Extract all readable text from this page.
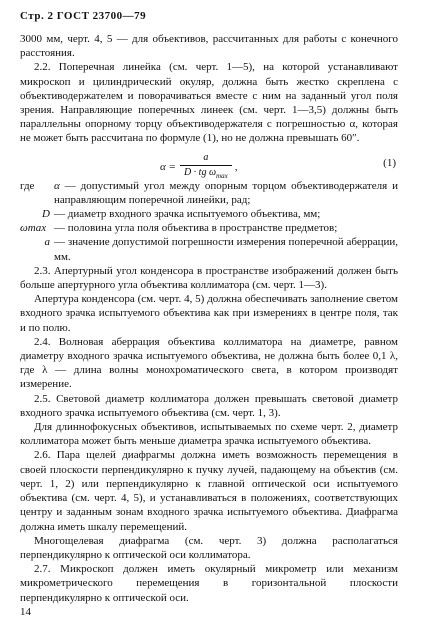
Стр. 2 ГОСТ 23700—79

3000 мм, черт. 4, 5 — для объективов, рассчитанных для работы с конечного расстояния.

2.2. Поперечная линейка (см. черт. 1—5), на которой устанавливают микроскоп и цилиндрический окуляр, должна быть жестко скреплена с объективодержателем и поворачиваться вместе с ним на заданный угол поля зрения. Направляющие поперечных линеек (см. черт. 1—3,5) должны быть параллельны опорному торцу объективодержателя с погрешностью α, которая не может быть рассчитана по формуле (1), но не должна превышать 60″.

$\alpha = \frac{a}{D \cdot tg \omega_{max}}$ ,	(1)
где	α — допустимый угол между опорным торцом объективодержателя и направляющим поперечной линейки, рад;
D — диаметр входного зрачка испытуемого объектива, мм;
ωmax — половина угла поля объектива в пространстве предметов;
a — значение допустимой погрешности измерения поперечной аберрации, мм.

2.3. Апертурный угол конденсора в пространстве изображений должен быть больше апертурного угла объектива коллиматора (см. черт. 1—3).

Апертура конденсора (см. черт. 4, 5) должна обеспечивать заполнение светом входного зрачка испытуемого объектива как при измерениях в центре поля, так и по полю.

2.4. Волновая аберрация объектива коллиматора на диаметре, равном диаметру входного зрачка испытуемого объектива, не должна быть более 0,1 λ, где λ — длина волны монохроматического света, в котором производят измерение.

2.5. Световой диаметр коллиматора должен превышать световой диаметр входного зрачка испытуемого объектива (см. черт. 1, 3).

Для длиннофокусных объективов, испытываемых по схеме черт. 2, диаметр коллиматора может быть меньше диаметра зрачка испытуемого объектива.

2.6. Пара щелей диафрагмы должна иметь возможность перемещения в своей плоскости перпендикулярно к пучку лучей, падающему на объектив (см. черт. 1, 2) или перпендикулярно к главной оптической оси испытуемого объектива (см. черт. 4, 5), и устанавливаться в положениях, соответствующих центру и заданным зонам входного зрачка испытуемого объектива. Диафрагма должна иметь шкалу перемещений.

Многощелевая диафрагма (см. черт. 3) должна располагаться перпендикулярно к оптической оси коллиматора.

2.7. Микроскоп должен иметь окулярный микрометр или механизм микрометрического перемещения в горизонтальной плоскости перпендикулярно к оптической оси.

14
